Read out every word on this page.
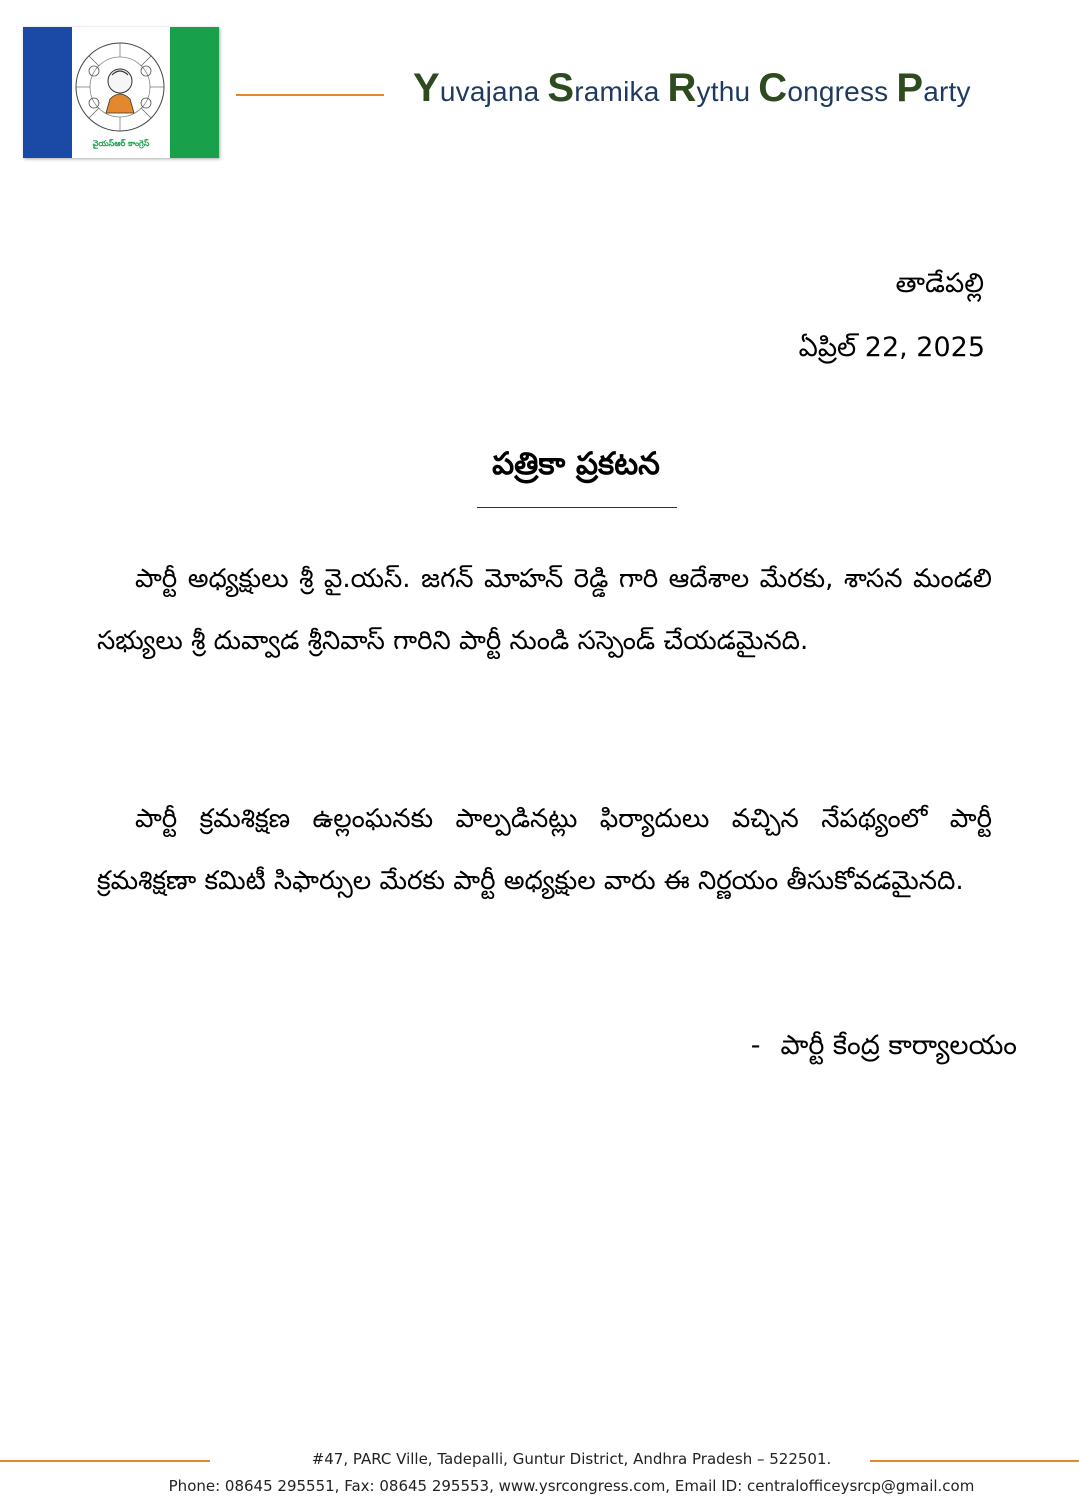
వైయస్ఆర్ కాంగ్రెస్
Yuvajana Sramika Rythu Congress Party
తాడేపల్లి
ఏప్రిల్ 22, 2025
పత్రికా ప్రకటన

పార్టీ అధ్యక్షులు శ్రీ వై.యస్. జగన్ మోహన్ రెడ్డి గారి ఆదేశాల మేరకు, శాసన మండలి సభ్యులు శ్రీ దువ్వాడ శ్రీనివాస్ గారిని పార్టీ నుండి సస్పెండ్ చేయడమైనది.

పార్టీ క్రమశిక్షణ ఉల్లంఘనకు పాల్పడినట్లు ఫిర్యాదులు వచ్చిన నేపథ్యంలో పార్టీ క్రమశిక్షణా కమిటీ సిఫార్సుల మేరకు పార్టీ అధ్యక్షుల వారు ఈ నిర్ణయం తీసుకోవడమైనది.

- పార్టీ కేంద్ర కార్యాలయం
#47, PARC Ville, Tadepalli, Guntur District, Andhra Pradesh – 522501.
Phone: 08645 295551, Fax: 08645 295553, www.ysrcongress.com, Email ID: centralofficeysrcp@gmail.com
